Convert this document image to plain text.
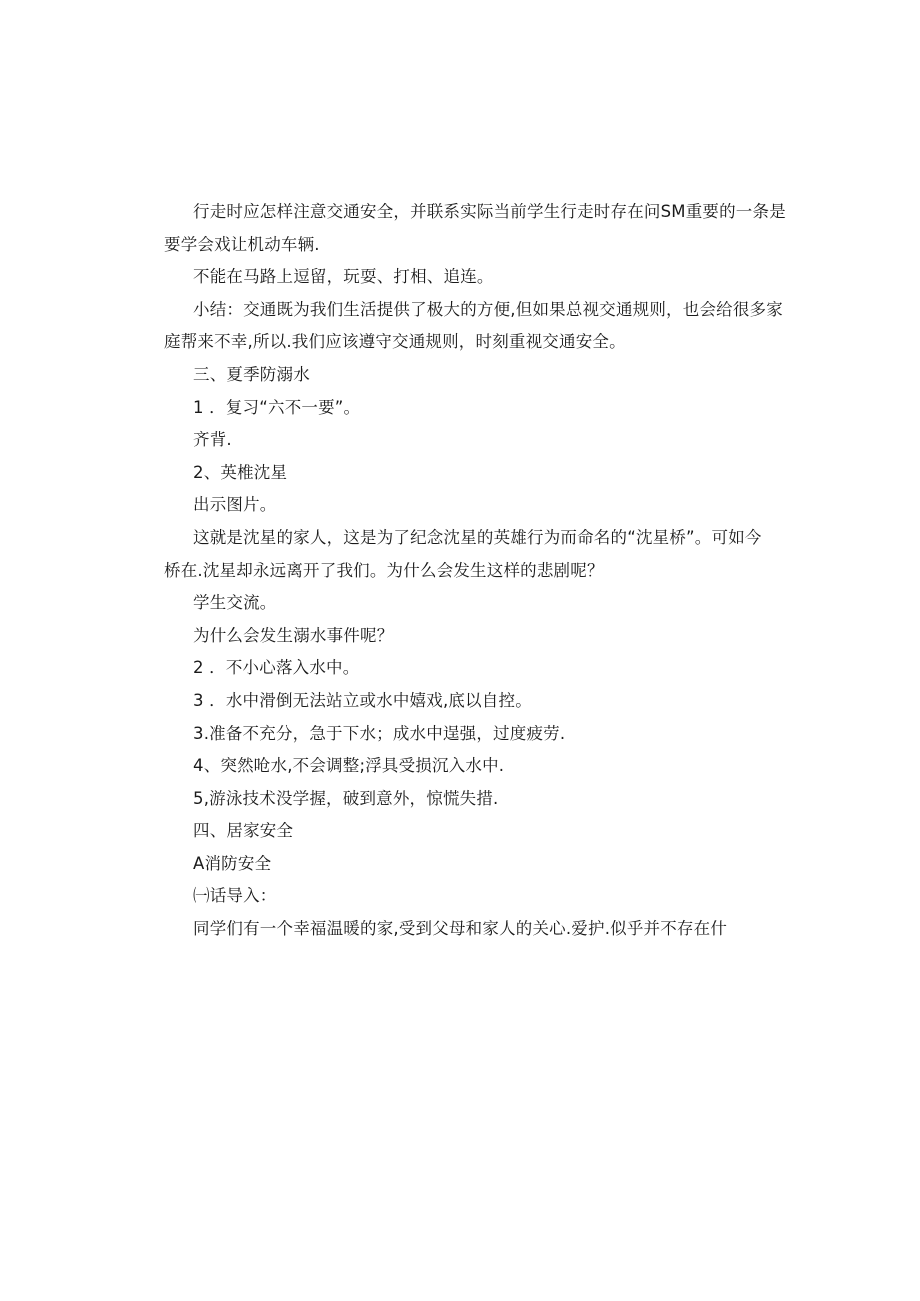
行走时应怎样注意交通安全，并联系实际当前学生行走时存在问SM重要的一条是
要学会戏让机动车辆.
不能在马路上逗留，玩耍、打相、追连。
小结：交通既为我们生活提供了极大的方便,但如果总视交通规则，也会给很多家
庭帮来不幸,所以.我们应该遵守交通规则，时刻重视交通安全。
三、夏季防溺水
1 ．复习“六不一要”。
齐背.
2、英椎沈星
出示图片。
这就是沈星的家人，这是为了纪念沈星的英雄行为而命名的“沈星桥”。可如今
桥在.沈星却永远离开了我们。为什么会发生这样的悲剧呢？
学生交流。
为什么会发生溺水事件呢？
2 ．不小心落入水中。
3 ．水中滑倒无法站立或水中嬉戏,底以自控。
3.准备不充分，急于下水；成水中逞强，过度疲劳.
4、突然呛水,不会调整;浮具受损沉入水中.
5,游泳技术没学握，破到意外，惊慌失措.
四、居家安全
A消防安全
㈠话导入：
同学们有一个幸福温暖的家,受到父母和家人的关心.爱护.似乎并不存在什
